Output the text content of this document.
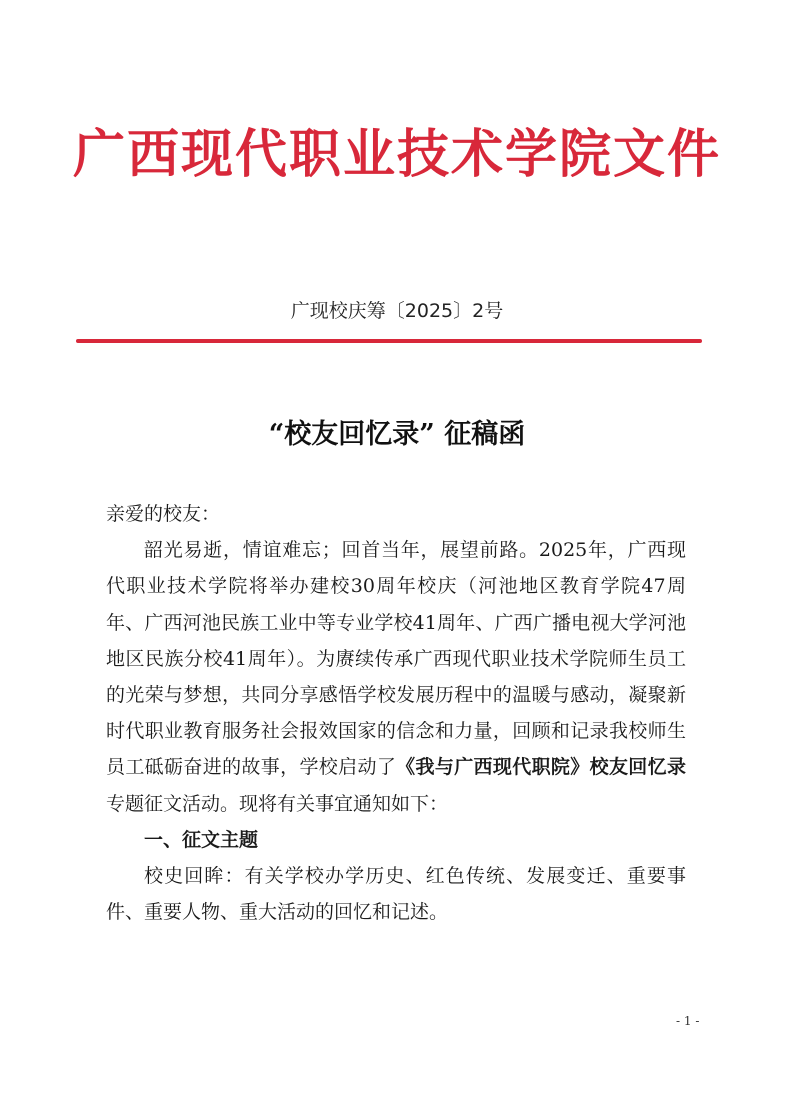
广西现代职业技术学院文件
广现校庆筹〔2025〕2号
“校友回忆录” 征稿函

亲爱的校友：

韶光易逝，情谊难忘；回首当年，展望前路。2025年，广西现代职业技术学院将举办建校30周年校庆（河池地区教育学院47周年、广西河池民族工业中等专业学校41周年、广西广播电视大学河池地区民族分校41周年）。为赓续传承广西现代职业技术学院师生员工的光荣与梦想，共同分享感悟学校发展历程中的温暖与感动，凝聚新时代职业教育服务社会报效国家的信念和力量，回顾和记录我校师生员工砥砺奋进的故事，学校启动了《我与广西现代职院》校友回忆录专题征文活动。现将有关事宜通知如下：

一、征文主题

校史回眸：有关学校办学历史、红色传统、发展变迁、重要事件、重要人物、重大活动的回忆和记述。

- 1 -
